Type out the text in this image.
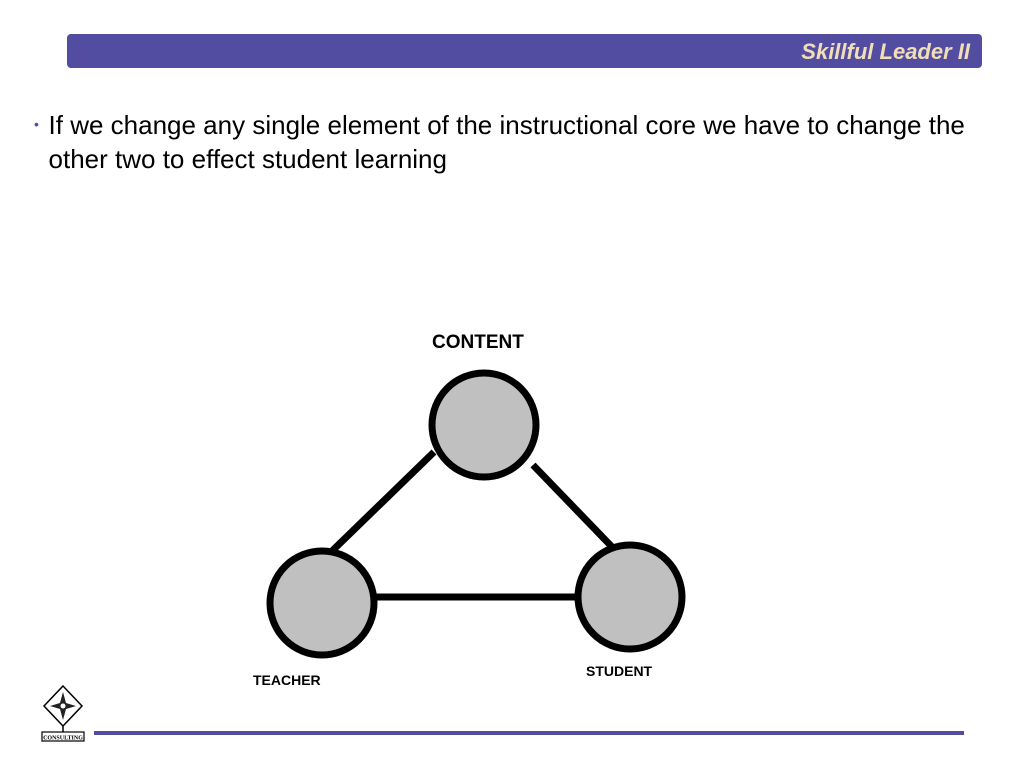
Skillful Leader II
• If we change any single element of the instructional core we have to change the other two to effect student learning
CONTENT
TEACHER
STUDENT
CONSULTING
